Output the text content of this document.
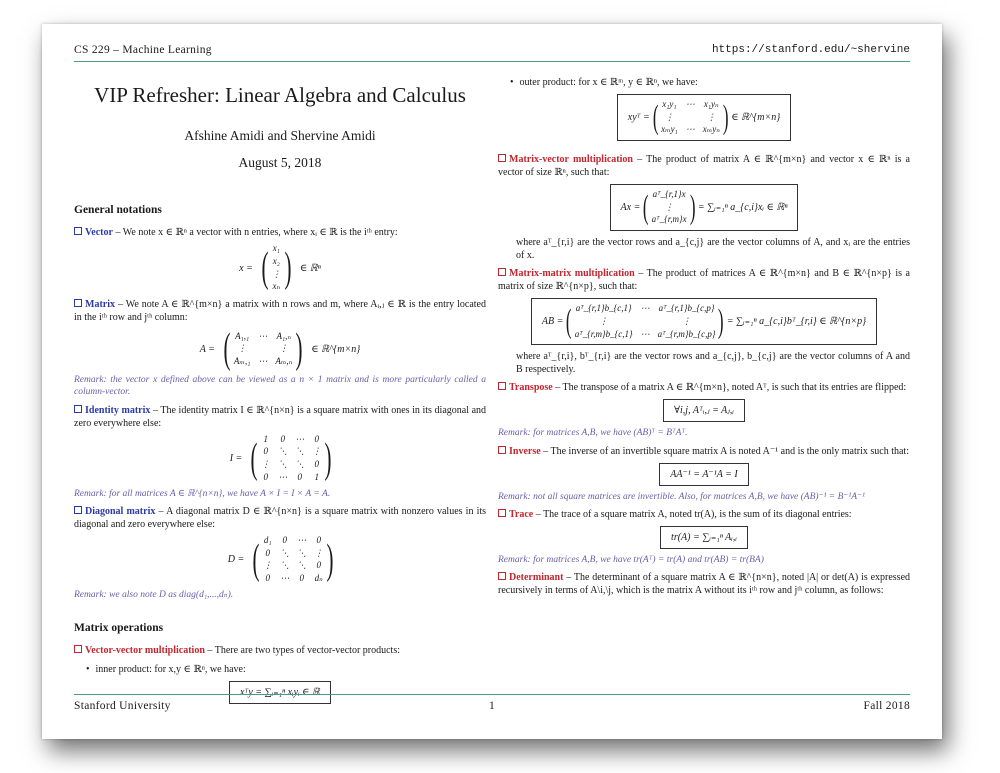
CS 229 – Machine Learning	https://stanford.edu/~shervine
VIP Refresher: Linear Algebra and Calculus
Afshine Amidi and Shervine Amidi
August 5, 2018
General notations
Vector – We note x ∈ ℝⁿ a vector with n entries, where xᵢ ∈ ℝ is the iᵗʰ entry:
x = ( x₁
x₂
⋮
xₙ ) ∈ ℝⁿ
Matrix – We note A ∈ ℝ^{m×n} a matrix with n rows and m, where Aᵢ,ⱼ ∈ ℝ is the entry located in the iᵗʰ row and jᵗʰ column:
A = ( A₁,₁ ⋯ A₁,ₙ
⋮	⋮
Aₘ,₁ ⋯ Aₘ,ₙ ) ∈ ℝ^{m×n}
Remark: the vector x defined above can be viewed as a n × 1 matrix and is more particularly called a column-vector.
Identity matrix – The identity matrix I ∈ ℝ^{n×n} is a square matrix with ones in its diagonal and zero everywhere else:
I = ( 1 0 ⋯ 0
0 ⋱ ⋱ ⋮
⋮ ⋱ ⋱ 0
0 ⋯ 0 1 )
Remark: for all matrices A ∈ ℝ^{n×n}, we have A × I = I × A = A.
Diagonal matrix – A diagonal matrix D ∈ ℝ^{n×n} is a square matrix with nonzero values in its diagonal and zero everywhere else:
D = ( d₁ 0 ⋯ 0
0 ⋱ ⋱ ⋮
⋮ ⋱ ⋱ 0
0 ⋯ 0 dₙ )
Remark: we also note D as diag(d₁,...,dₙ).
Matrix operations
Vector-vector multiplication – There are two types of vector-vector products:
• inner product: for x,y ∈ ℝⁿ, we have:
xᵀy = ∑ᵢ₌₁ⁿ xᵢyᵢ ∈ ℝ
• outer product: for x ∈ ℝᵐ, y ∈ ℝⁿ, we have:
xyᵀ = ( x₁y₁ ⋯ x₁yₙ
⋮	⋮
xₘy₁ ⋯ xₘyₙ ) ∈ ℝ^{m×n}
Matrix-vector multiplication – The product of matrix A ∈ ℝ^{m×n} and vector x ∈ ℝⁿ is a vector of size ℝⁿ, such that:
Ax = ( aᵀ_{r,1}x
⋮
aᵀ_{r,m}x ) = ∑ᵢ₌₁ⁿ a_{c,i}xᵢ ∈ ℝⁿ
where aᵀ_{r,i} are the vector rows and a_{c,j} are the vector columns of A, and xᵢ are the entries of x.
Matrix-matrix multiplication – The product of matrices A ∈ ℝ^{m×n} and B ∈ ℝ^{n×p} is a matrix of size ℝ^{n×p}, such that:
AB = ( aᵀ_{r,1}b_{c,1} ⋯ aᵀ_{r,1}b_{c,p}
⋮	⋮
aᵀ_{r,m}b_{c,1} ⋯ aᵀ_{r,m}b_{c,p} ) = ∑ᵢ₌₁ⁿ a_{c,i}bᵀ_{r,i} ∈ ℝ^{n×p}
where aᵀ_{r,i}, bᵀ_{r,i} are the vector rows and a_{c,j}, b_{c,j} are the vector columns of A and B respectively.
Transpose – The transpose of a matrix A ∈ ℝ^{m×n}, noted Aᵀ, is such that its entries are flipped:
∀i,j, Aᵀᵢ,ⱼ = Aⱼ,ᵢ
Remark: for matrices A,B, we have (AB)ᵀ = BᵀAᵀ.
Inverse – The inverse of an invertible square matrix A is noted A⁻¹ and is the only matrix such that:
AA⁻¹ = A⁻¹A = I
Remark: not all square matrices are invertible. Also, for matrices A,B, we have (AB)⁻¹ = B⁻¹A⁻¹
Trace – The trace of a square matrix A, noted tr(A), is the sum of its diagonal entries:
tr(A) = ∑ᵢ₌₁ⁿ Aᵢ,ᵢ
Remark: for matrices A,B, we have tr(Aᵀ) = tr(A) and tr(AB) = tr(BA)
Determinant – The determinant of a square matrix A ∈ ℝ^{n×n}, noted |A| or det(A) is expressed recursively in terms of A\i,\j, which is the matrix A without its iᵗʰ row and jᵗʰ column, as follows:
Stanford University	1	Fall 2018
